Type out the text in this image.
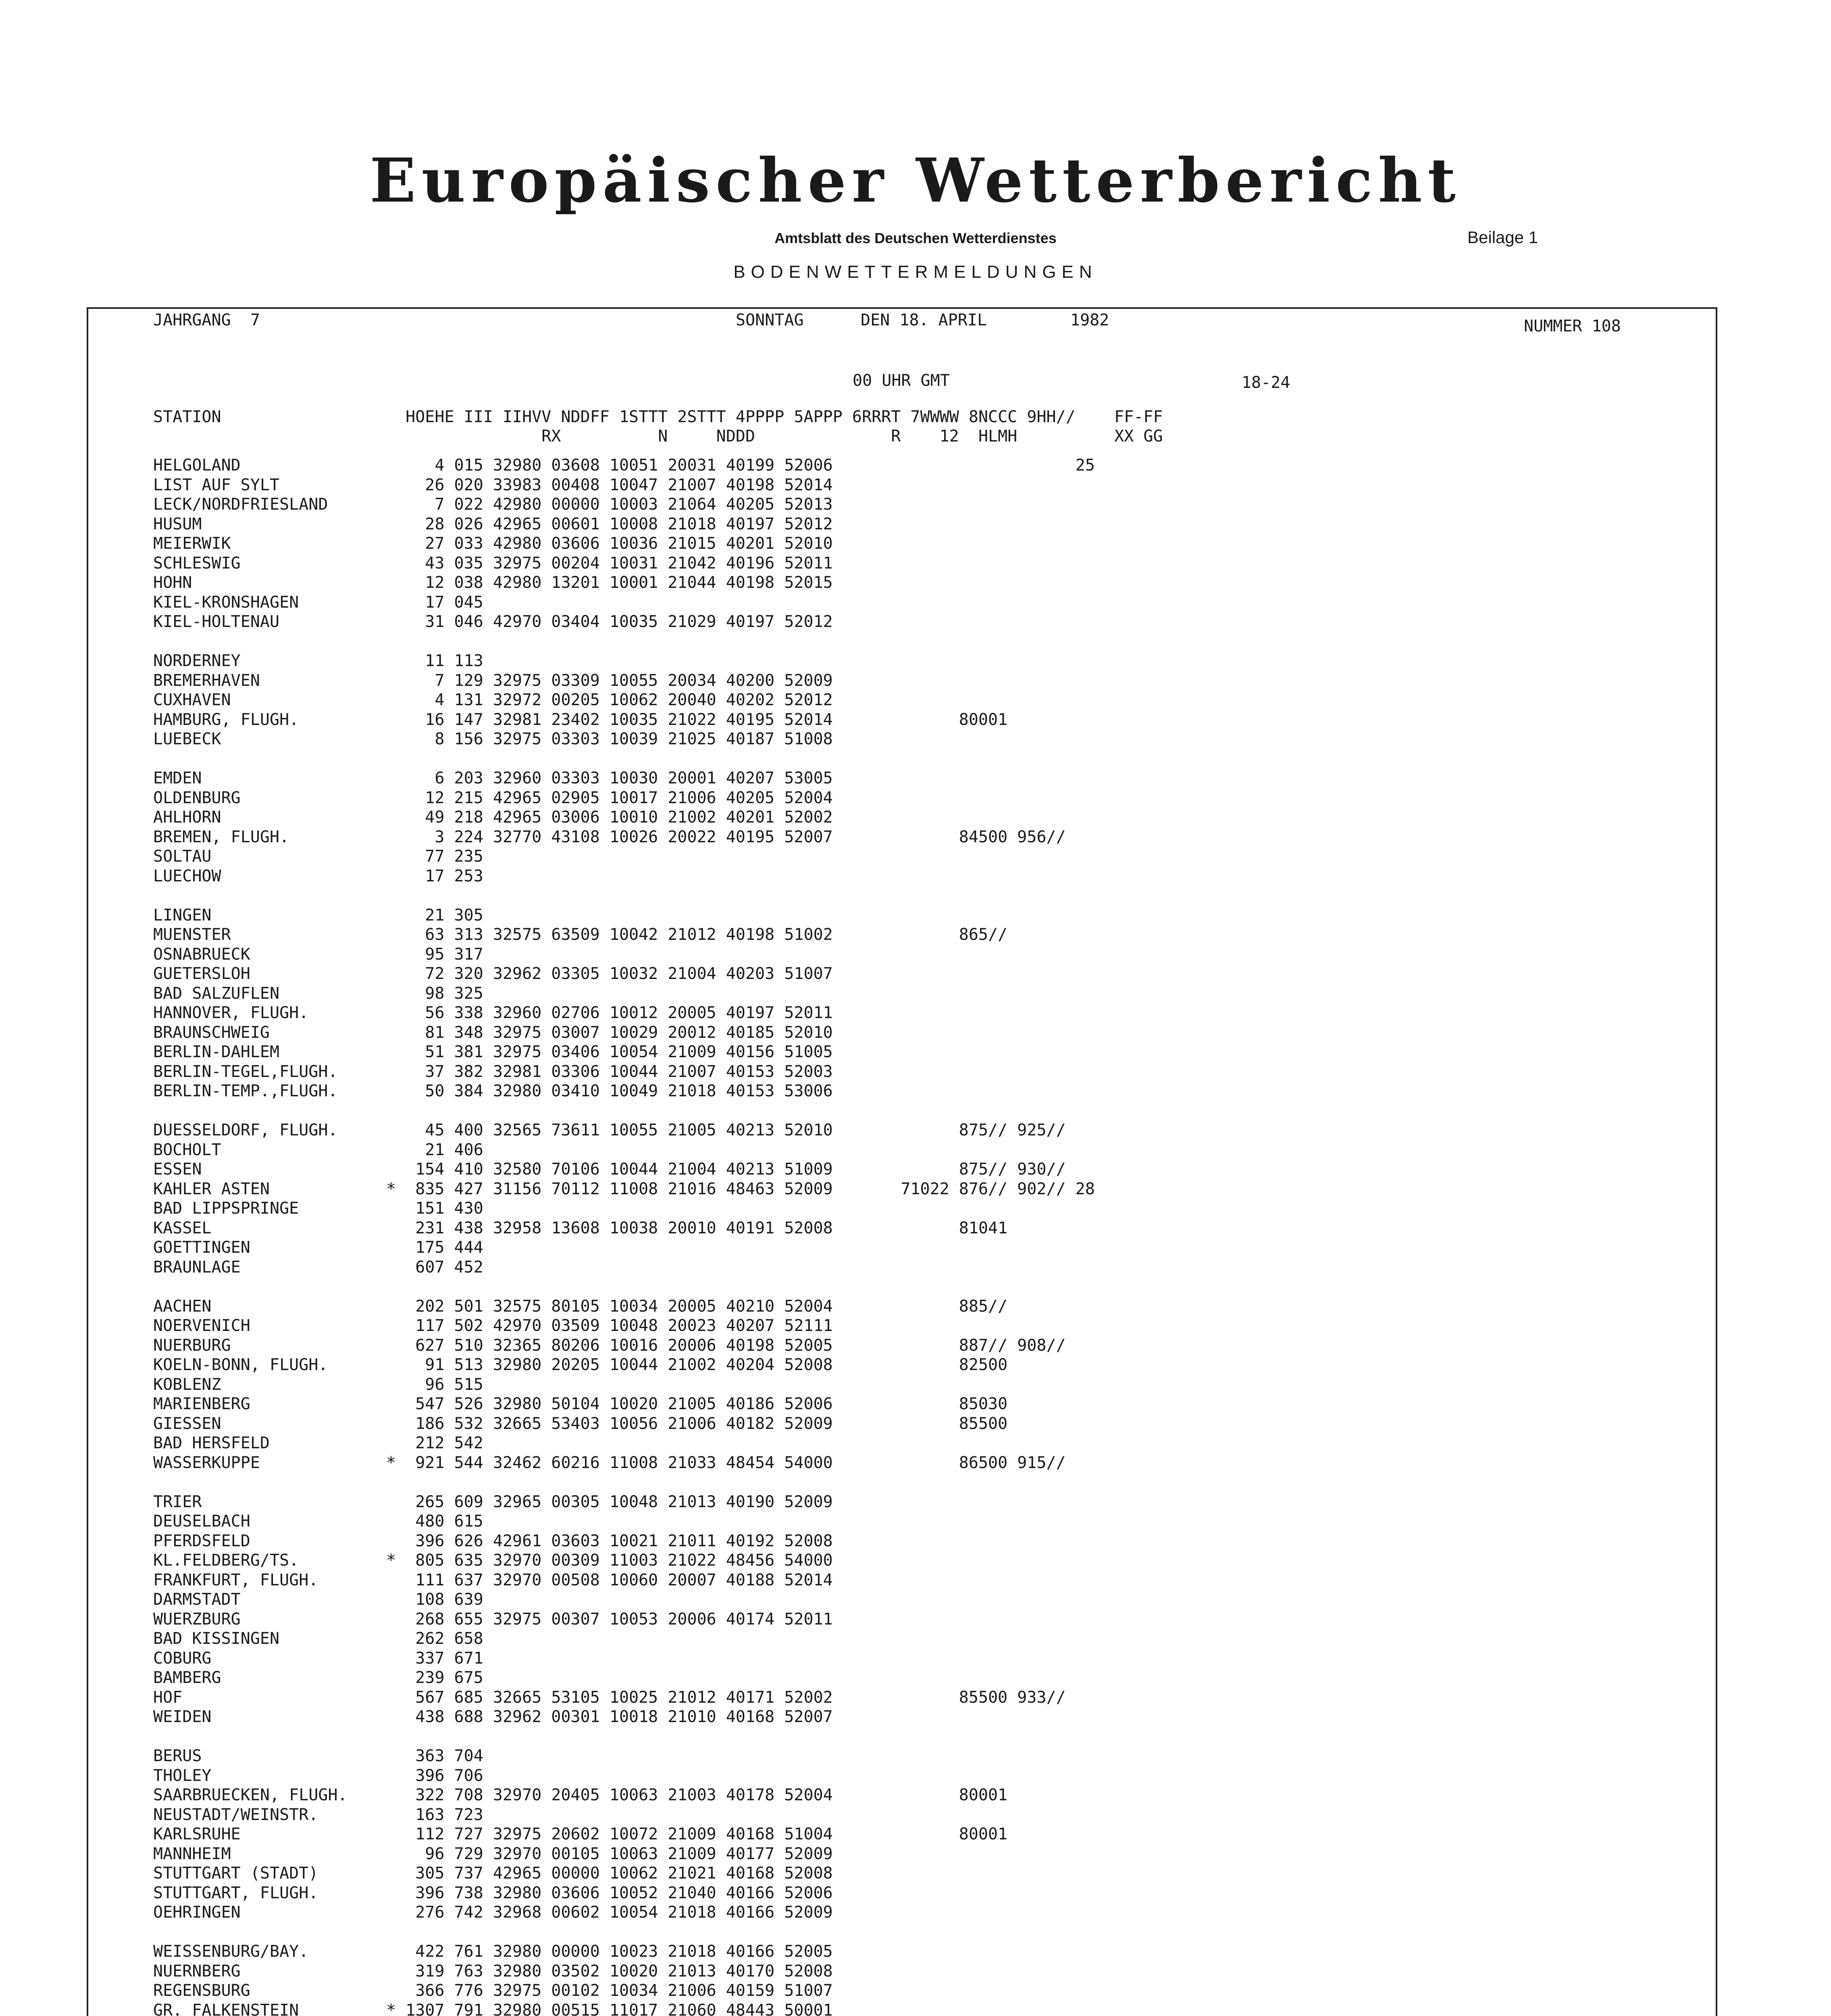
Europäischer Wetterbericht
Amtsblatt des Deutschen Wetterdienstes	Beilage 1
BODENWETTERMELDUNGEN
JAHRGANG  7	SONNTAG	DEN 18. APRIL	1982	NUMMER 108
00 UHR GMT	18-24
STATION                   HOEHE III IIHVV NDDFF 1STTT 2STTT 4PPPP 5APPP 6RRRT 7WWWW 8NCCC 9HH//    FF-FF
RX          N     NDDD              R    12  HLMH          XX GG
HELGOLAND                    4 015 32980 03608 10051 20031 40199 52006                         25
LIST AUF SYLT               26 020 33983 00408 10047 21007 40198 52014
LECK/NORDFRIESLAND           7 022 42980 00000 10003 21064 40205 52013
HUSUM                       28 026 42965 00601 10008 21018 40197 52012
MEIERWIK                    27 033 42980 03606 10036 21015 40201 52010
SCHLESWIG                   43 035 32975 00204 10031 21042 40196 52011
HOHN                        12 038 42980 13201 10001 21044 40198 52015
KIEL-KRONSHAGEN             17 045
KIEL-HOLTENAU               31 046 42970 03404 10035 21029 40197 52012
NORDERNEY                   11 113
BREMERHAVEN                  7 129 32975 03309 10055 20034 40200 52009
CUXHAVEN                     4 131 32972 00205 10062 20040 40202 52012
HAMBURG, FLUGH.             16 147 32981 23402 10035 21022 40195 52014             80001
LUEBECK                      8 156 32975 03303 10039 21025 40187 51008
EMDEN                        6 203 32960 03303 10030 20001 40207 53005
OLDENBURG                   12 215 42965 02905 10017 21006 40205 52004
AHLHORN                     49 218 42965 03006 10010 21002 40201 52002
BREMEN, FLUGH.               3 224 32770 43108 10026 20022 40195 52007             84500 956//
SOLTAU                      77 235
LUECHOW                     17 253
LINGEN                      21 305
MUENSTER                    63 313 32575 63509 10042 21012 40198 51002             865//
OSNABRUECK                  95 317
GUETERSLOH                  72 320 32962 03305 10032 21004 40203 51007
BAD SALZUFLEN               98 325
HANNOVER, FLUGH.            56 338 32960 02706 10012 20005 40197 52011
BRAUNSCHWEIG                81 348 32975 03007 10029 20012 40185 52010
BERLIN-DAHLEM               51 381 32975 03406 10054 21009 40156 51005
BERLIN-TEGEL,FLUGH.         37 382 32981 03306 10044 21007 40153 52003
BERLIN-TEMP.,FLUGH.         50 384 32980 03410 10049 21018 40153 53006
DUESSELDORF, FLUGH.         45 400 32565 73611 10055 21005 40213 52010             875// 925//
BOCHOLT                     21 406
ESSEN                      154 410 32580 70106 10044 21004 40213 51009             875// 930//
KAHLER ASTEN            *  835 427 31156 70112 11008 21016 48463 52009       71022 876// 902// 28
BAD LIPPSPRINGE            151 430
KASSEL                     231 438 32958 13608 10038 20010 40191 52008             81041
GOETTINGEN                 175 444
BRAUNLAGE                  607 452
AACHEN                     202 501 32575 80105 10034 20005 40210 52004             885//
NOERVENICH                 117 502 42970 03509 10048 20023 40207 52111
NUERBURG                   627 510 32365 80206 10016 20006 40198 52005             887// 908//
KOELN-BONN, FLUGH.          91 513 32980 20205 10044 21002 40204 52008             82500
KOBLENZ                     96 515
MARIENBERG                 547 526 32980 50104 10020 21005 40186 52006             85030
GIESSEN                    186 532 32665 53403 10056 21006 40182 52009             85500
BAD HERSFELD               212 542
WASSERKUPPE             *  921 544 32462 60216 11008 21033 48454 54000             86500 915//
TRIER                      265 609 32965 00305 10048 21013 40190 52009
DEUSELBACH                 480 615
PFERDSFELD                 396 626 42961 03603 10021 21011 40192 52008
KL.FELDBERG/TS.         *  805 635 32970 00309 11003 21022 48456 54000
FRANKFURT, FLUGH.          111 637 32970 00508 10060 20007 40188 52014
DARMSTADT                  108 639
WUERZBURG                  268 655 32975 00307 10053 20006 40174 52011
BAD KISSINGEN              262 658
COBURG                     337 671
BAMBERG                    239 675
HOF                        567 685 32665 53105 10025 21012 40171 52002             85500 933//
WEIDEN                     438 688 32962 00301 10018 21010 40168 52007
BERUS                      363 704
THOLEY                     396 706
SAARBRUECKEN, FLUGH.       322 708 32970 20405 10063 21003 40178 52004             80001
NEUSTADT/WEINSTR.          163 723
KARLSRUHE                  112 727 32975 20602 10072 21009 40168 51004             80001
MANNHEIM                    96 729 32970 00105 10063 21009 40177 52009
STUTTGART (STADT)          305 737 42965 00000 10062 21021 40168 52008
STUTTGART, FLUGH.          396 738 32980 03606 10052 21040 40166 52006
OEHRINGEN                  276 742 32968 00602 10054 21018 40166 52009
WEISSENBURG/BAY.           422 761 32980 00000 10023 21018 40166 52005
NUERNBERG                  319 763 32980 03502 10020 21013 40170 52008
REGENSBURG                 366 776 32975 00102 10034 21006 40159 51007
GR. FALKENSTEIN         * 1307 791 32980 00515 11017 21060 48443 50001
